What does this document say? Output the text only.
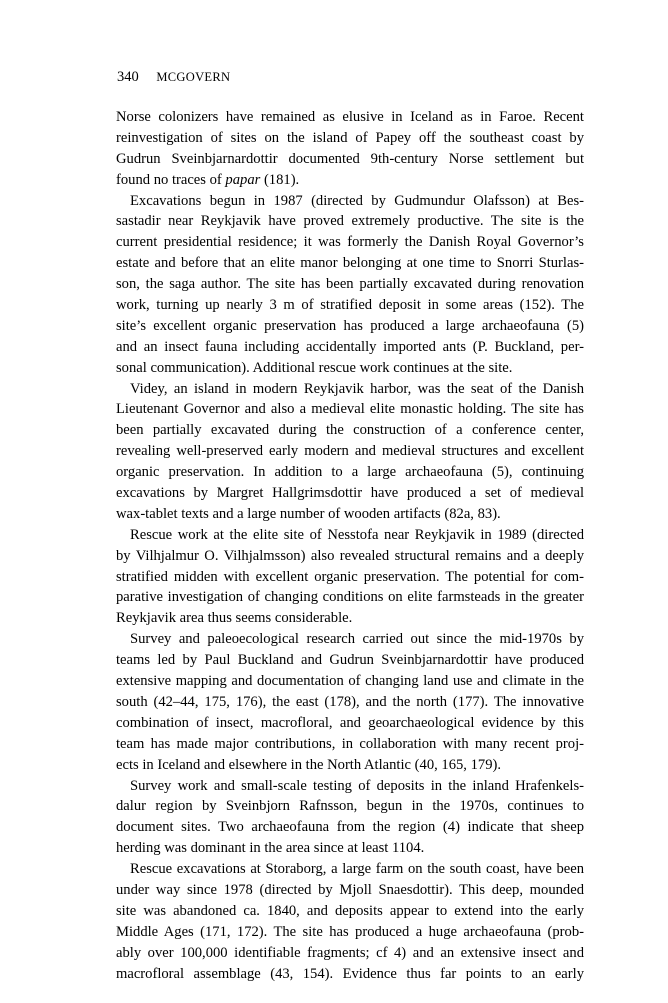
340 MCGOVERN
Norse colonizers have remained as elusive in Iceland as in Faroe. Recent
reinvestigation of sites on the island of Papey off the southeast coast by
Gudrun Sveinbjarnardottir documented 9th-century Norse settlement but
found no traces of papar (181).
Excavations begun in 1987 (directed by Gudmundur Olafsson) at Bes-
sastadir near Reykjavik have proved extremely productive. The site is the
current presidential residence; it was formerly the Danish Royal Governor’s
estate and before that an elite manor belonging at one time to Snorri Sturlas-
son, the saga author. The site has been partially excavated during renovation
work, turning up nearly 3 m of stratified deposit in some areas (152). The
site’s excellent organic preservation has produced a large archaeofauna (5)
and an insect fauna including accidentally imported ants (P. Buckland, per-
sonal communication). Additional rescue work continues at the site.
Videy, an island in modern Reykjavik harbor, was the seat of the Danish
Lieutenant Governor and also a medieval elite monastic holding. The site has
been partially excavated during the construction of a conference center,
revealing well-preserved early modern and medieval structures and excellent
organic preservation. In addition to a large archaeofauna (5), continuing
excavations by Margret Hallgrimsdottir have produced a set of medieval
wax-tablet texts and a large number of wooden artifacts (82a, 83).
Rescue work at the elite site of Nesstofa near Reykjavik in 1989 (directed
by Vilhjalmur O. Vilhjalmsson) also revealed structural remains and a deeply
stratified midden with excellent organic preservation. The potential for com-
parative investigation of changing conditions on elite farmsteads in the greater
Reykjavik area thus seems considerable.
Survey and paleoecological research carried out since the mid-1970s by
teams led by Paul Buckland and Gudrun Sveinbjarnardottir have produced
extensive mapping and documentation of changing land use and climate in the
south (42–44, 175, 176), the east (178), and the north (177). The innovative
combination of insect, macrofloral, and geoarchaeological evidence by this
team has made major contributions, in collaboration with many recent proj-
ects in Iceland and elsewhere in the North Atlantic (40, 165, 179).
Survey work and small-scale testing of deposits in the inland Hrafenkels-
dalur region by Sveinbjorn Rafnsson, begun in the 1970s, continues to
document sites. Two archaeofauna from the region (4) indicate that sheep
herding was dominant in the area since at least 1104.
Rescue excavations at Storaborg, a large farm on the south coast, have been
under way since 1978 (directed by Mjoll Snaesdottir). This deep, mounded
site was abandoned ca. 1840, and deposits appear to extend into the early
Middle Ages (171, 172). The site has produced a huge archaeofauna (prob-
ably over 100,000 identifiable fragments; cf 4) and an extensive insect and
macrofloral assemblage (43, 154). Evidence thus far points to an early
